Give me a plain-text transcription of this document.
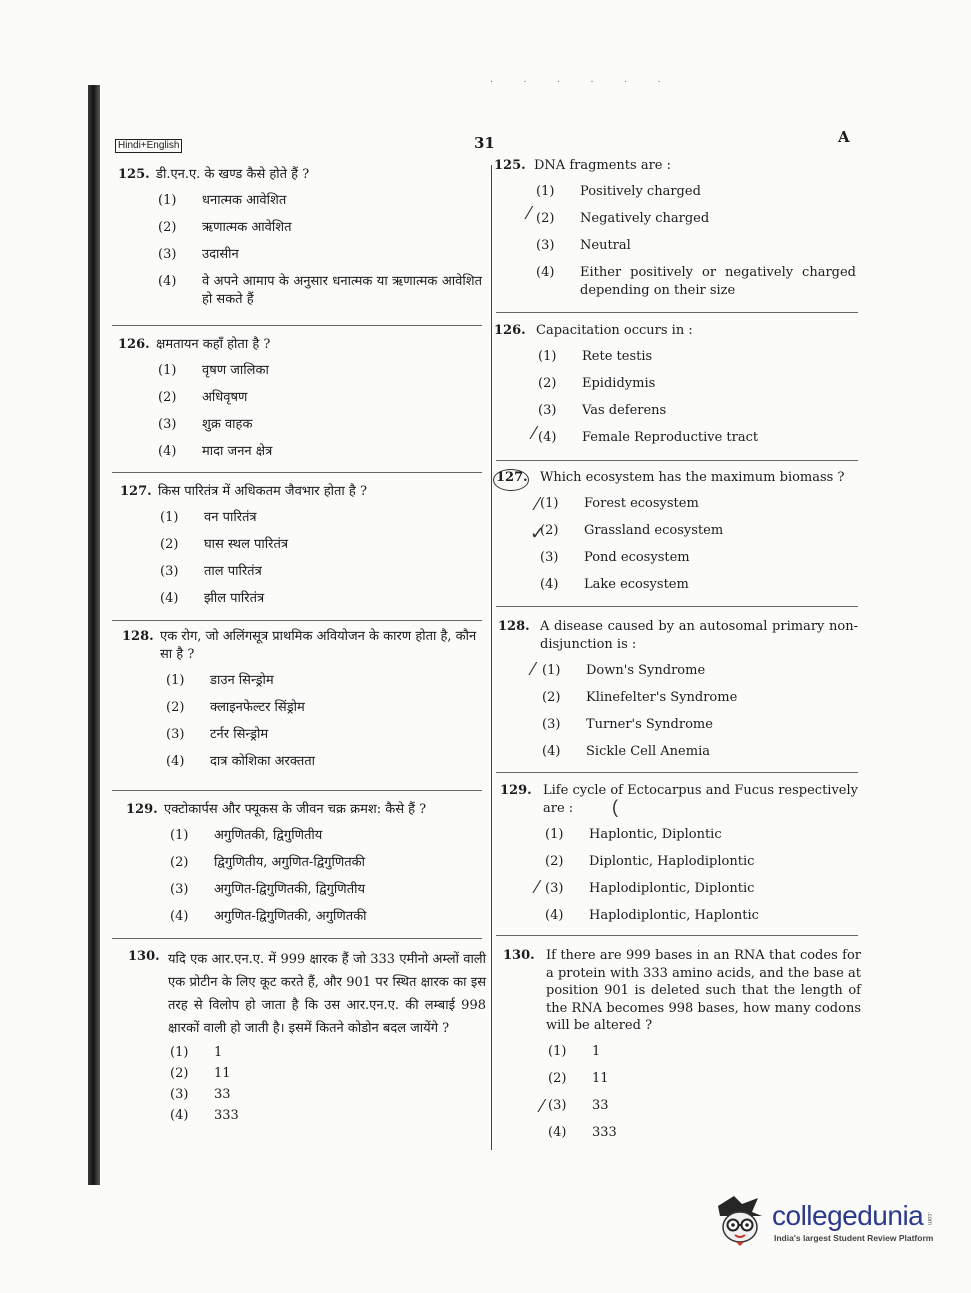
. . . . . .
Hindi+English	31	A
125. डी.एन.ए. के खण्ड कैसे होते हैं ?
(1)	धनात्मक आवेशित
(2)	ऋणात्मक आवेशित
(3)	उदासीन
(4)	वे अपने आमाप के अनुसार धनात्मक या ऋणात्मक आवेशित हो सकते हैं
126. क्षमतायन कहाँ होता है ?
(1)	वृषण जालिका
(2)	अधिवृषण
(3)	शुक्र वाहक
(4)	मादा जनन क्षेत्र
127. किस पारितंत्र में अधिकतम जैवभार होता है ?
(1)	वन पारितंत्र
(2)	घास स्थल पारितंत्र
(3)	ताल पारितंत्र
(4)	झील पारितंत्र
128. एक रोग, जो अलिंगसूत्र प्राथमिक अवियोजन के कारण होता है, कौन सा है ?
(1)	डाउन सिन्ड्रोम
(2)	क्लाइनफेल्टर सिंड्रोम
(3)	टर्नर सिन्ड्रोम
(4)	दात्र कोशिका अरक्तता
129. एक्टोकार्पस और फ्यूकस के जीवन चक्र क्रमश: कैसे हैं ?
(1)	अगुणितकी, द्विगुणितीय
(2)	द्विगुणितीय, अगुणित-द्विगुणितकी
(3)	अगुणित-द्विगुणितकी, द्विगुणितीय
(4)	अगुणित-द्विगुणितकी, अगुणितकी
130. यदि एक आर.एन.ए. में 999 क्षारक हैं जो 333 एमीनो अम्लों वाली एक प्रोटीन के लिए कूट करते हैं, और 901 पर स्थित क्षारक का इस तरह से विलोप हो जाता है कि उस आर.एन.ए. की लम्बाई 998 क्षारकों वाली हो जाती है। इसमें कितने कोडोन बदल जायेंगे ?
(1)	1
(2)	11
(3)	33
(4)	333
125. DNA fragments are :
(1)	Positively charged
(2)	Negatively charged
(3)	Neutral
(4)	Either positively or negatively charged depending on their size
126. Capacitation occurs in :
(1)	Rete testis
(2)	Epididymis
(3)	Vas deferens
(4)	Female Reproductive tract
127. Which ecosystem has the maximum biomass ?
(1)	Forest ecosystem
(2)	Grassland ecosystem
(3)	Pond ecosystem
(4)	Lake ecosystem
128. A disease caused by an autosomal primary non-disjunction is :
(1)	Down's Syndrome
(2)	Klinefelter's Syndrome
(3)	Turner's Syndrome
(4)	Sickle Cell Anemia
129. Life cycle of Ectocarpus and Fucus respectively are :
(1)	Haplontic, Diplontic
(2)	Diplontic, Haplodiplontic
(3)	Haplodiplontic, Diplontic
(4)	Haplodiplontic, Haplontic
130. If there are 999 bases in an RNA that codes for a protein with 333 amino acids, and the base at position 901 is deleted such that the length of the RNA becomes 998 bases, how many codons will be altered ?
(1)	1
(2)	11
(3)	33
(4)	333
⁄
⁄
⁄
✓
⁄
(
⁄
⁄
collegedunia .com
India's largest Student Review Platform
